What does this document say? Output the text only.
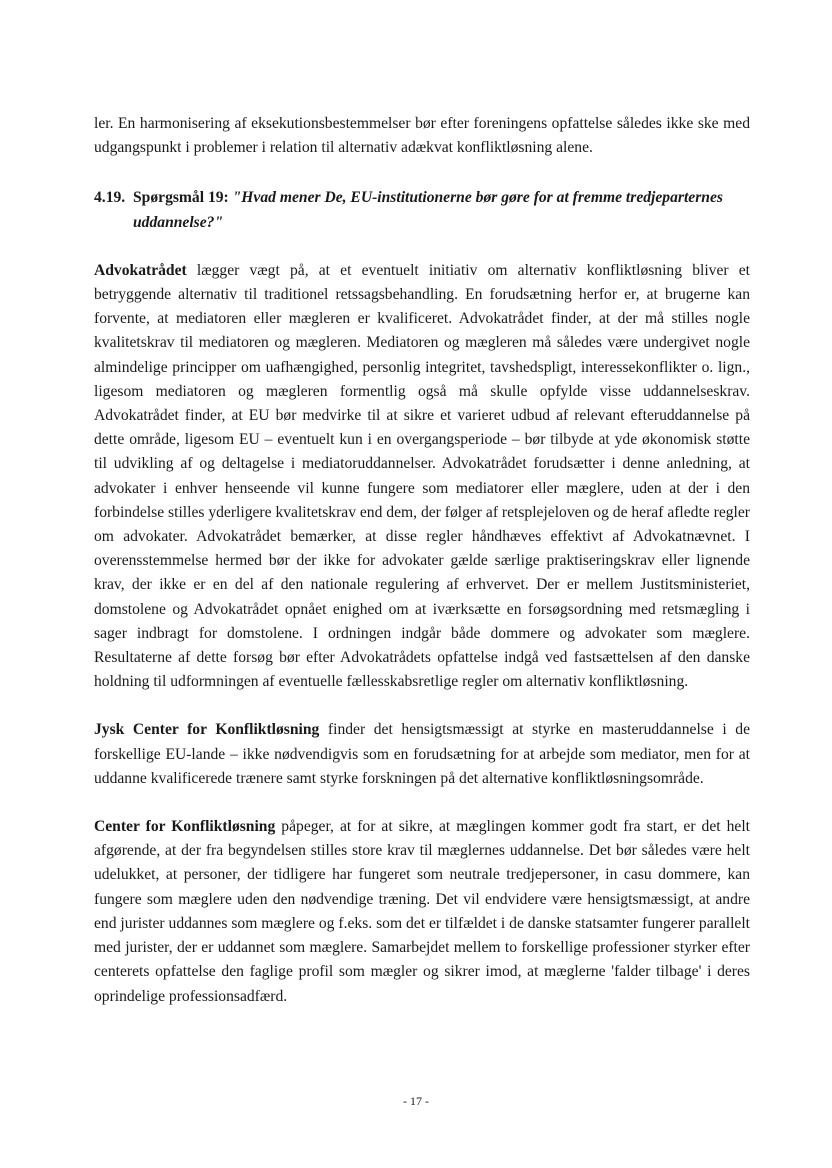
ler. En harmonisering af eksekutionsbestemmelser bør efter foreningens opfattelse således ikke ske med udgangspunkt i problemer i relation til alternativ adækvat konfliktløsning alene.

4.19. Spørgsmål 19: "Hvad mener De, EU-institutionerne bør gøre for at fremme tredjeparternes uddannelse?"

Advokatrådet lægger vægt på, at et eventuelt initiativ om alternativ konfliktløsning bliver et betryggende alternativ til traditionel retssagsbehandling. En forudsætning herfor er, at brugerne kan forvente, at mediatoren eller mægleren er kvalificeret. Advokatrådet finder, at der må stilles nogle kvalitetskrav til mediatoren og mægleren. Mediatoren og mægleren må således være undergivet nogle almindelige principper om uafhængighed, personlig integritet, tavshedspligt, interessekonflikter o. lign., ligesom mediatoren og mægleren formentlig også må skulle opfylde visse uddannelseskrav. Advokatrådet finder, at EU bør medvirke til at sikre et varieret udbud af relevant efteruddannelse på dette område, ligesom EU – eventuelt kun i en overgangsperiode – bør tilbyde at yde økonomisk støtte til udvikling af og deltagelse i mediatoruddannelser. Advokatrådet forudsætter i denne anledning, at advokater i enhver henseende vil kunne fungere som mediatorer eller mæglere, uden at der i den forbindelse stilles yderligere kvalitetskrav end dem, der følger af retsplejeloven og de heraf afledte regler om advokater. Advokatrådet bemærker, at disse regler håndhæves effektivt af Advokatnævnet. I overensstemmelse hermed bør der ikke for advokater gælde særlige praktiseringskrav eller lignende krav, der ikke er en del af den nationale regulering af erhvervet. Der er mellem Justitsministeriet, domstolene og Advokatrådet opnået enighed om at iværksætte en forsøgsordning med retsmægling i sager indbragt for domstolene. I ordningen indgår både dommere og advokater som mæglere. Resultaterne af dette forsøg bør efter Advokatrådets opfattelse indgå ved fastsættelsen af den danske holdning til udformningen af eventuelle fællesskabsretlige regler om alternativ konfliktløsning.

Jysk Center for Konfliktløsning finder det hensigtsmæssigt at styrke en masteruddannelse i de forskellige EU-lande – ikke nødvendigvis som en forudsætning for at arbejde som mediator, men for at uddanne kvalificerede trænere samt styrke forskningen på det alternative konfliktløsningsområde.

Center for Konfliktløsning påpeger, at for at sikre, at mæglingen kommer godt fra start, er det helt afgørende, at der fra begyndelsen stilles store krav til mæglernes uddannelse. Det bør således være helt udelukket, at personer, der tidligere har fungeret som neutrale tredjepersoner, in casu dommere, kan fungere som mæglere uden den nødvendige træning. Det vil endvidere være hensigtsmæssigt, at andre end jurister uddannes som mæglere og f.eks. som det er tilfældet i de danske statsamter fungerer parallelt med jurister, der er uddannet som mæglere. Samarbejdet mellem to forskellige professioner styrker efter centerets opfattelse den faglige profil som mægler og sikrer imod, at mæglerne 'falder tilbage' i deres oprindelige professionsadfærd.

- 17 -
